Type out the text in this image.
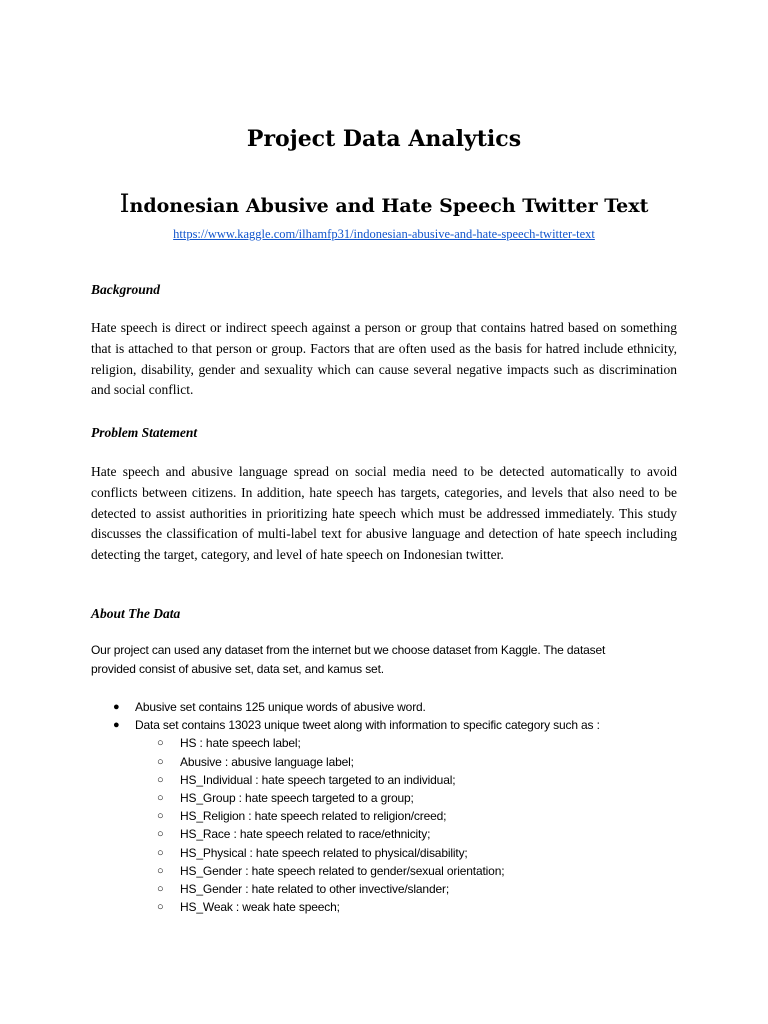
Project Data Analytics
Indonesian Abusive and Hate Speech Twitter Text
https://www.kaggle.com/ilhamfp31/indonesian-abusive-and-hate-speech-twitter-text
Background

Hate speech is direct or indirect speech against a person or group that contains hatred based on something that is attached to that person or group. Factors that are often used as the basis for hatred include ethnicity, religion, disability, gender and sexuality which can cause several negative impacts such as discrimination and social conflict.

Problem Statement

Hate speech and abusive language spread on social media need to be detected automatically to avoid conflicts between citizens. In addition, hate speech has targets, categories, and levels that also need to be detected to assist authorities in prioritizing hate speech which must be addressed immediately. This study discusses the classification of multi-label text for abusive language and detection of hate speech including detecting the target, category, and level of hate speech on Indonesian twitter.

About The Data

Our project can used any dataset from the internet but we choose dataset from Kaggle. The dataset provided consist of abusive set, data set, and kamus set.

● Abusive set contains 125 unique words of abusive word.
● Data set contains 13023 unique tweet along with information to specific category such as :
○ HS : hate speech label;
○ Abusive : abusive language label;
○ HS_Individual : hate speech targeted to an individual;
○ HS_Group : hate speech targeted to a group;
○ HS_Religion : hate speech related to religion/creed;
○ HS_Race : hate speech related to race/ethnicity;
○ HS_Physical : hate speech related to physical/disability;
○ HS_Gender : hate speech related to gender/sexual orientation;
○ HS_Gender : hate related to other invective/slander;
○ HS_Weak : weak hate speech;
